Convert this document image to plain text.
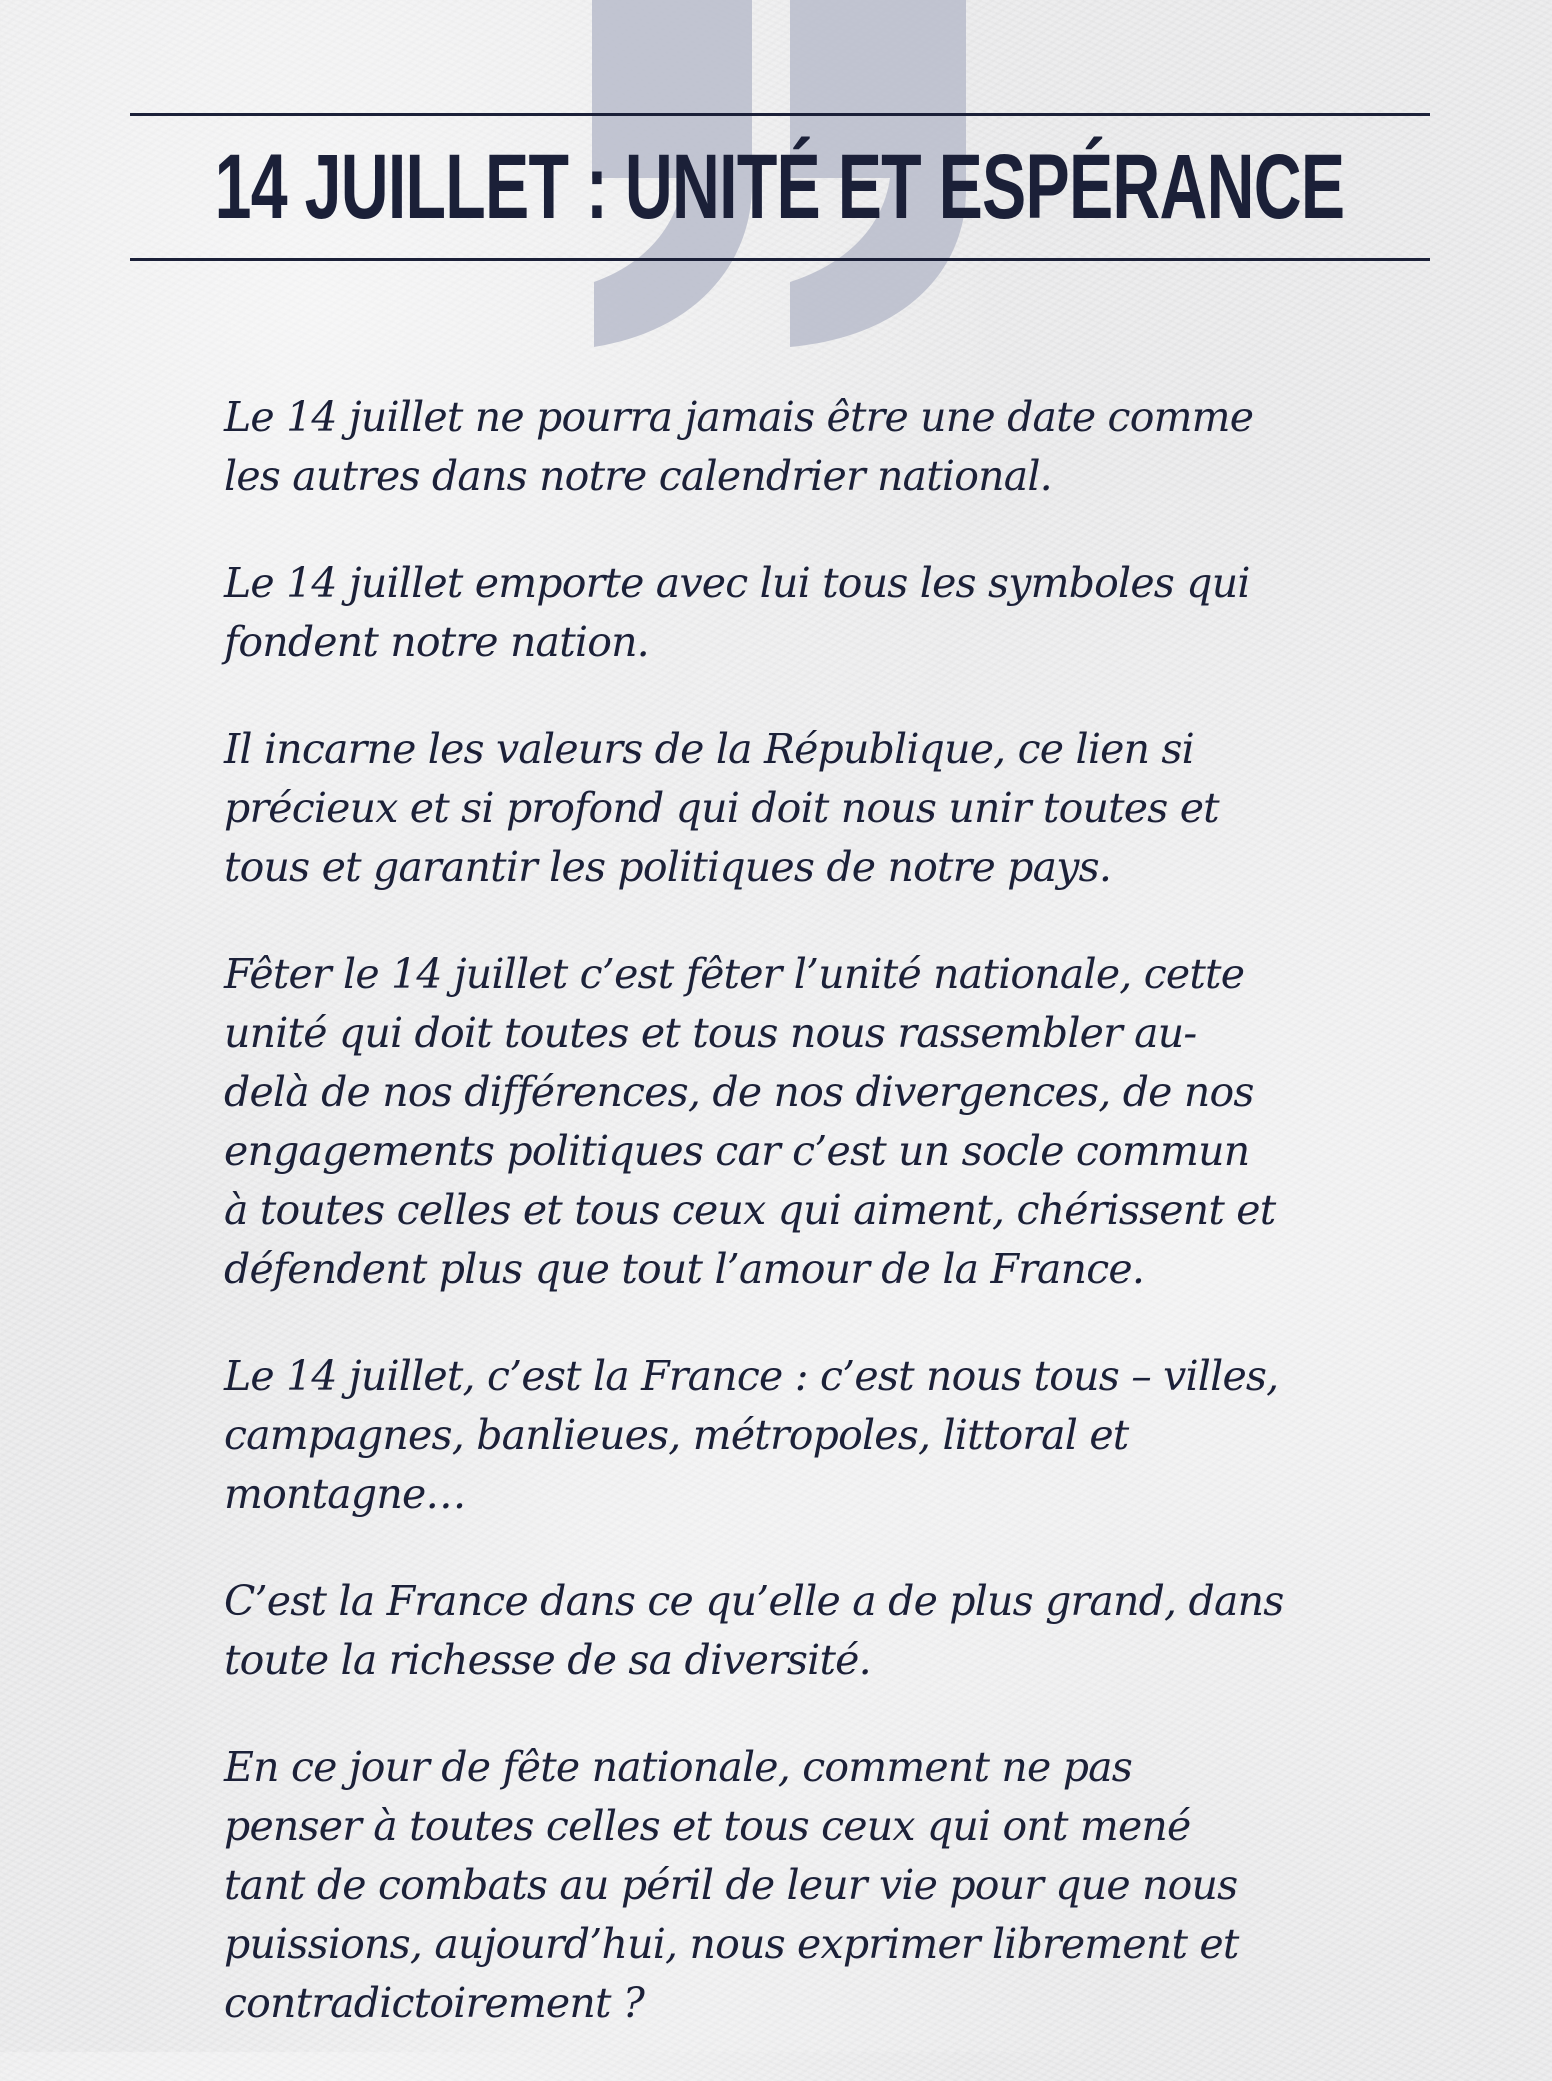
14 JUILLET : UNITÉ ET ESPÉRANCE

Le 14 juillet ne pourra jamais être une date comme
les autres dans notre calendrier national.

Le 14 juillet emporte avec lui tous les symboles qui
fondent notre nation.

Il incarne les valeurs de la République, ce lien si
précieux et si profond qui doit nous unir toutes et
tous et garantir les politiques de notre pays.

Fêter le 14 juillet c’est fêter l’unité nationale, cette
unité qui doit toutes et tous nous rassembler au-
delà de nos différences, de nos divergences, de nos
engagements politiques car c’est un socle commun
à toutes celles et tous ceux qui aiment, chérissent et
défendent plus que tout l’amour de la France.

Le 14 juillet, c’est la France : c’est nous tous – villes,
campagnes, banlieues, métropoles, littoral et
montagne…

C’est la France dans ce qu’elle a de plus grand, dans
toute la richesse de sa diversité.

En ce jour de fête nationale, comment ne pas
penser à toutes celles et tous ceux qui ont mené
tant de combats au péril de leur vie pour que nous
puissions, aujourd’hui, nous exprimer librement et
contradictoirement ?
